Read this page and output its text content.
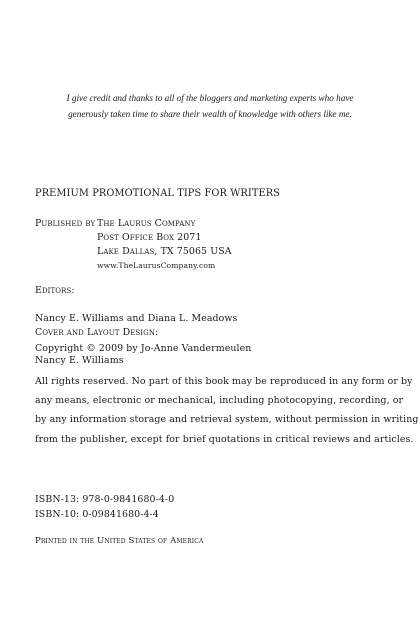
I give credit and thanks to all of the bloggers and marketing experts who have
generously taken time to share their wealth of knowledge with others like me.
PREMIUM PROMOTIONAL TIPS FOR WRITERS
Published by The Laurus Company
Post Office Box 2071
Lake Dallas, TX 75065 USA
www.TheLaurusCompany.com
Editors:

Nancy E. Williams and Diana L. Meadows
Cover and Layout Design:

Nancy E. Williams
Copyright © 2009 by Jo-Anne Vandermeulen
All rights reserved. No part of this book may be reproduced in any form or by
any means, electronic or mechanical, including photocopying, recording, or
by any information storage and retrieval system, without permission in writing
from the publisher, except for brief quotations in critical reviews and articles.
ISBN-13: 978-0-9841680-4-0
ISBN-10: 0-09841680-4-4
Printed in the United States of America
